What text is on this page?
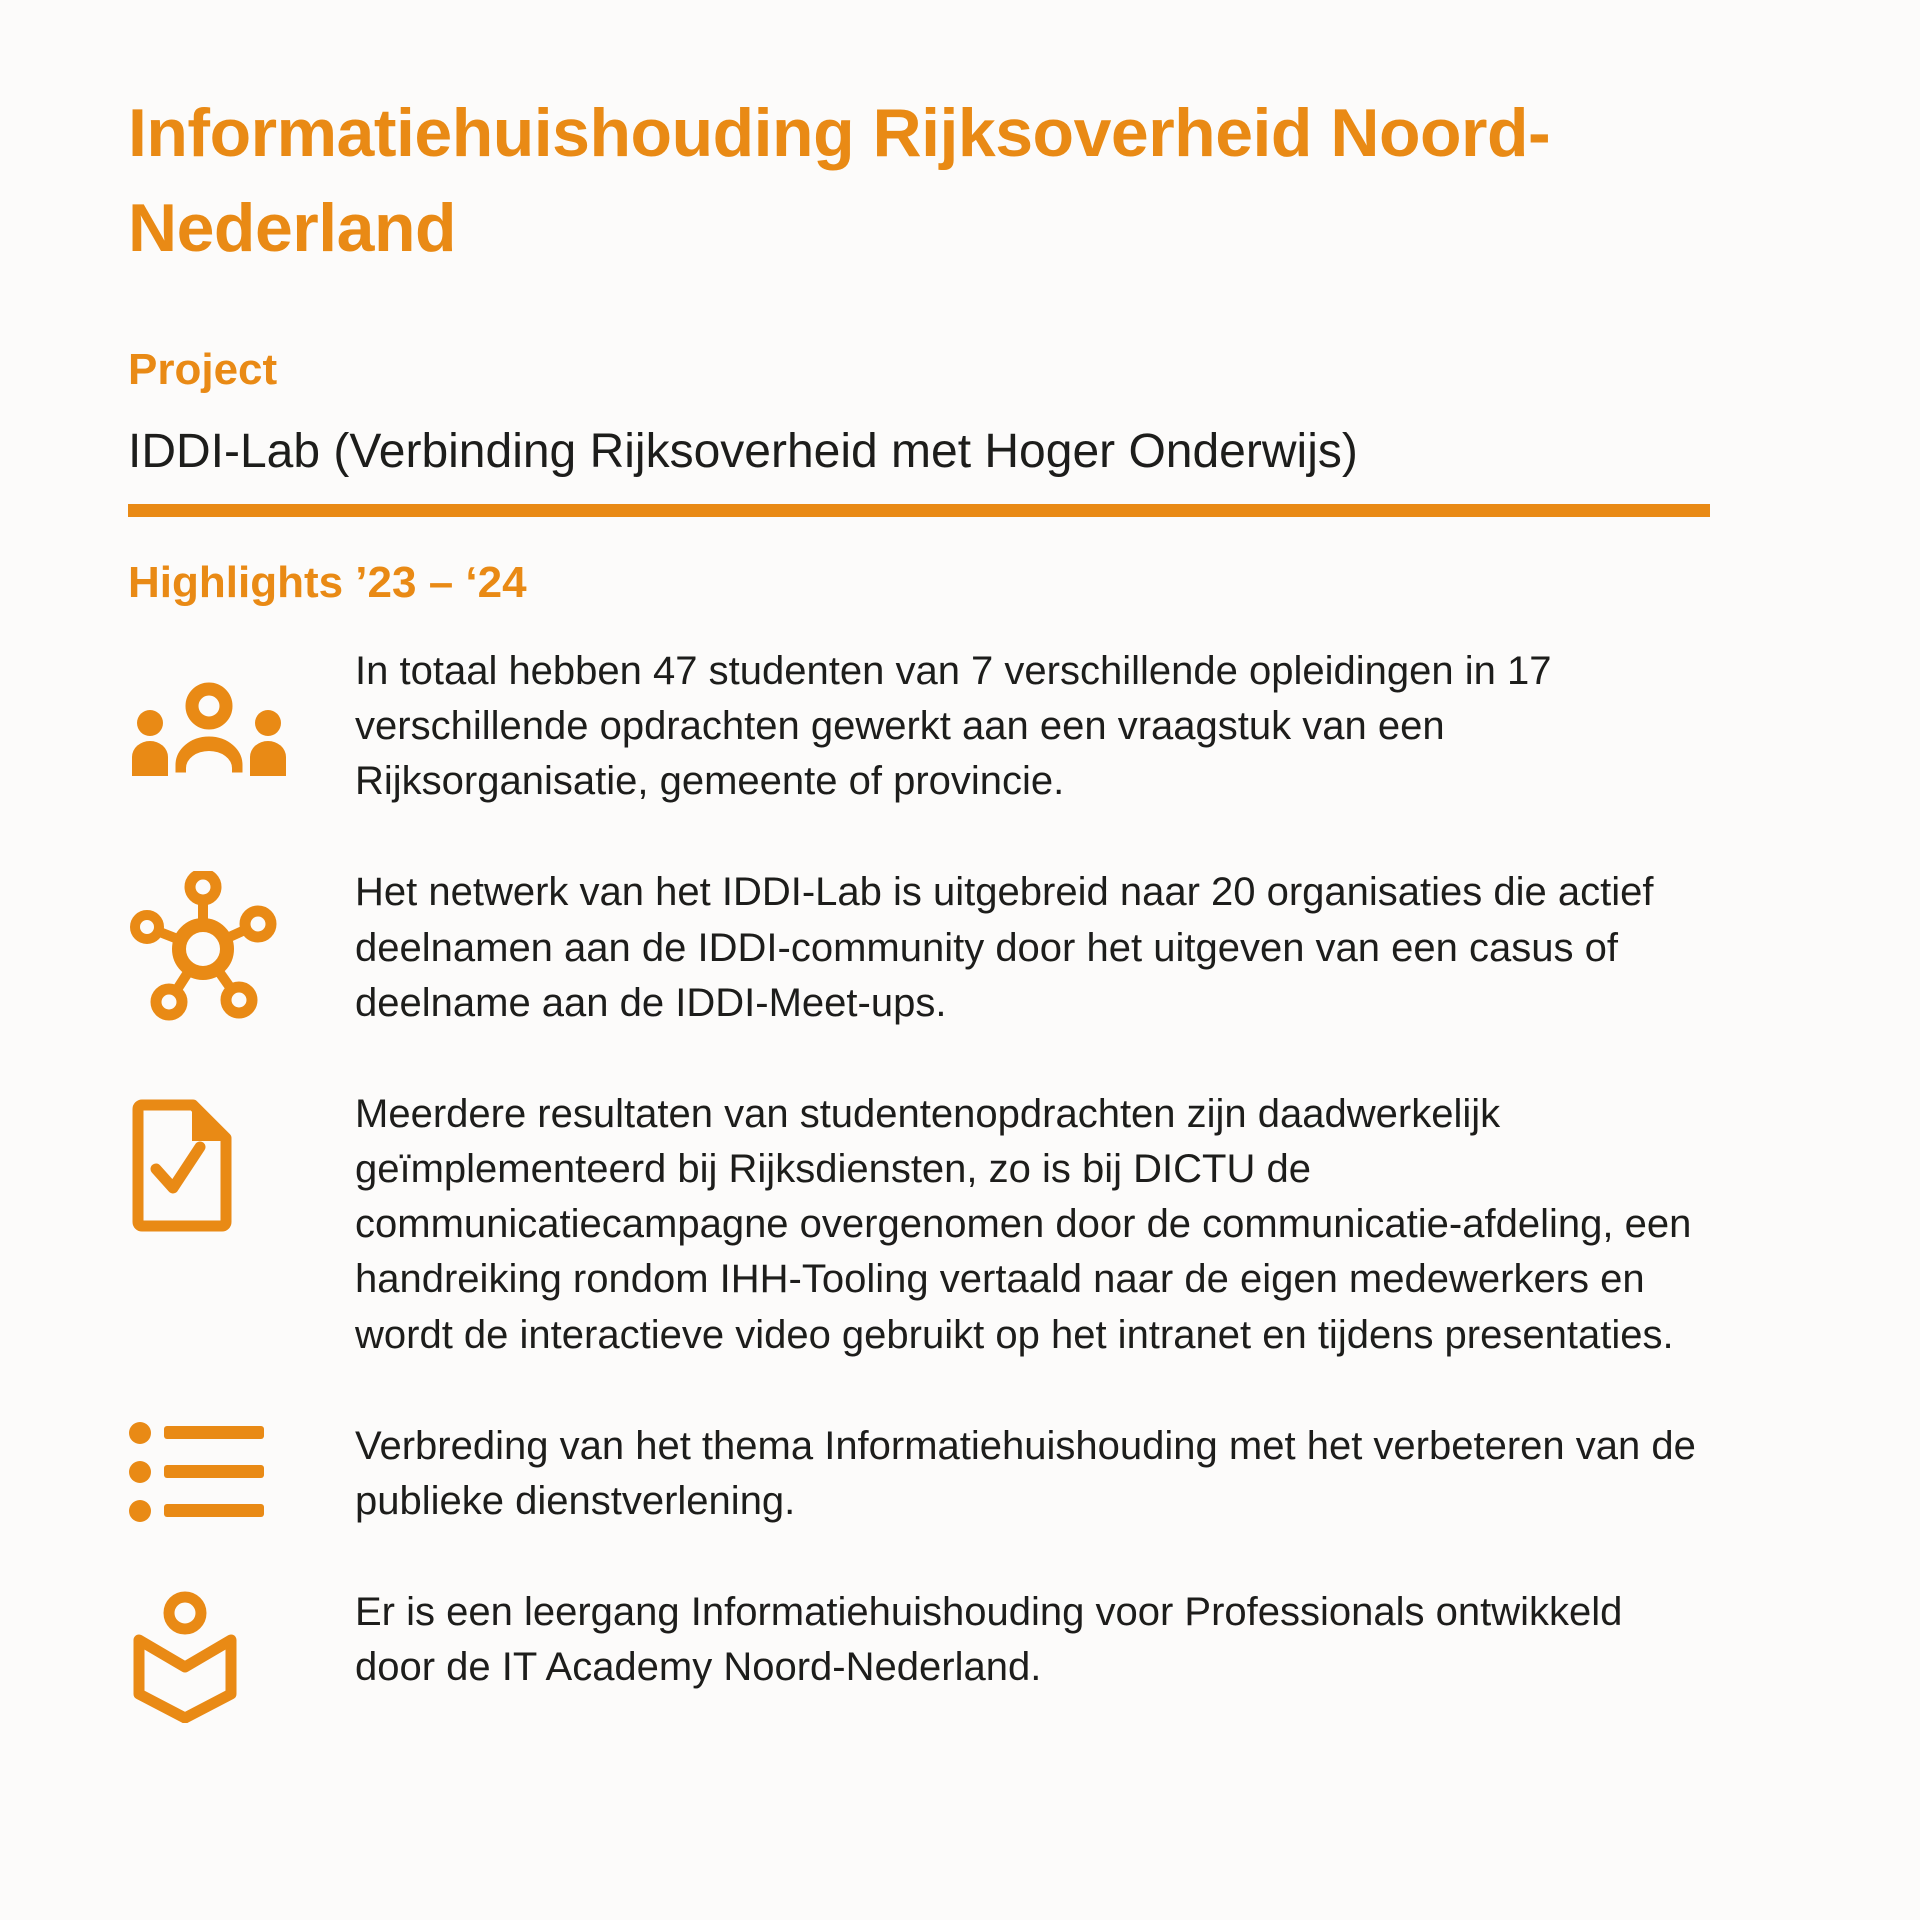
Informatiehuishouding Rijksoverheid Noord-Nederland
Project

IDDI-Lab (Verbinding Rijksoverheid met Hoger Onderwijs)

Highlights ’23 – ‘24

In totaal hebben 47 studenten van 7 verschillende opleidingen in 17 verschillende opdrachten gewerkt aan een vraagstuk van een Rijksorganisatie, gemeente of provincie.

Het netwerk van het IDDI-Lab is uitgebreid naar 20 organisaties die actief deelnamen aan de IDDI-community door het uitgeven van een casus of deelname aan de IDDI-Meet-ups.

Meerdere resultaten van studentenopdrachten zijn daadwerkelijk geïmplementeerd bij Rijksdiensten, zo is bij DICTU de communicatiecampagne overgenomen door de communicatie-afdeling, een handreiking rondom IHH-Tooling vertaald naar de eigen medewerkers en wordt de interactieve video gebruikt op het intranet en tijdens presentaties.

Verbreding van het thema Informatiehuishouding met het verbeteren van de publieke dienstverlening.

Er is een leergang Informatiehuishouding voor Professionals ontwikkeld door de IT Academy Noord-Nederland.
